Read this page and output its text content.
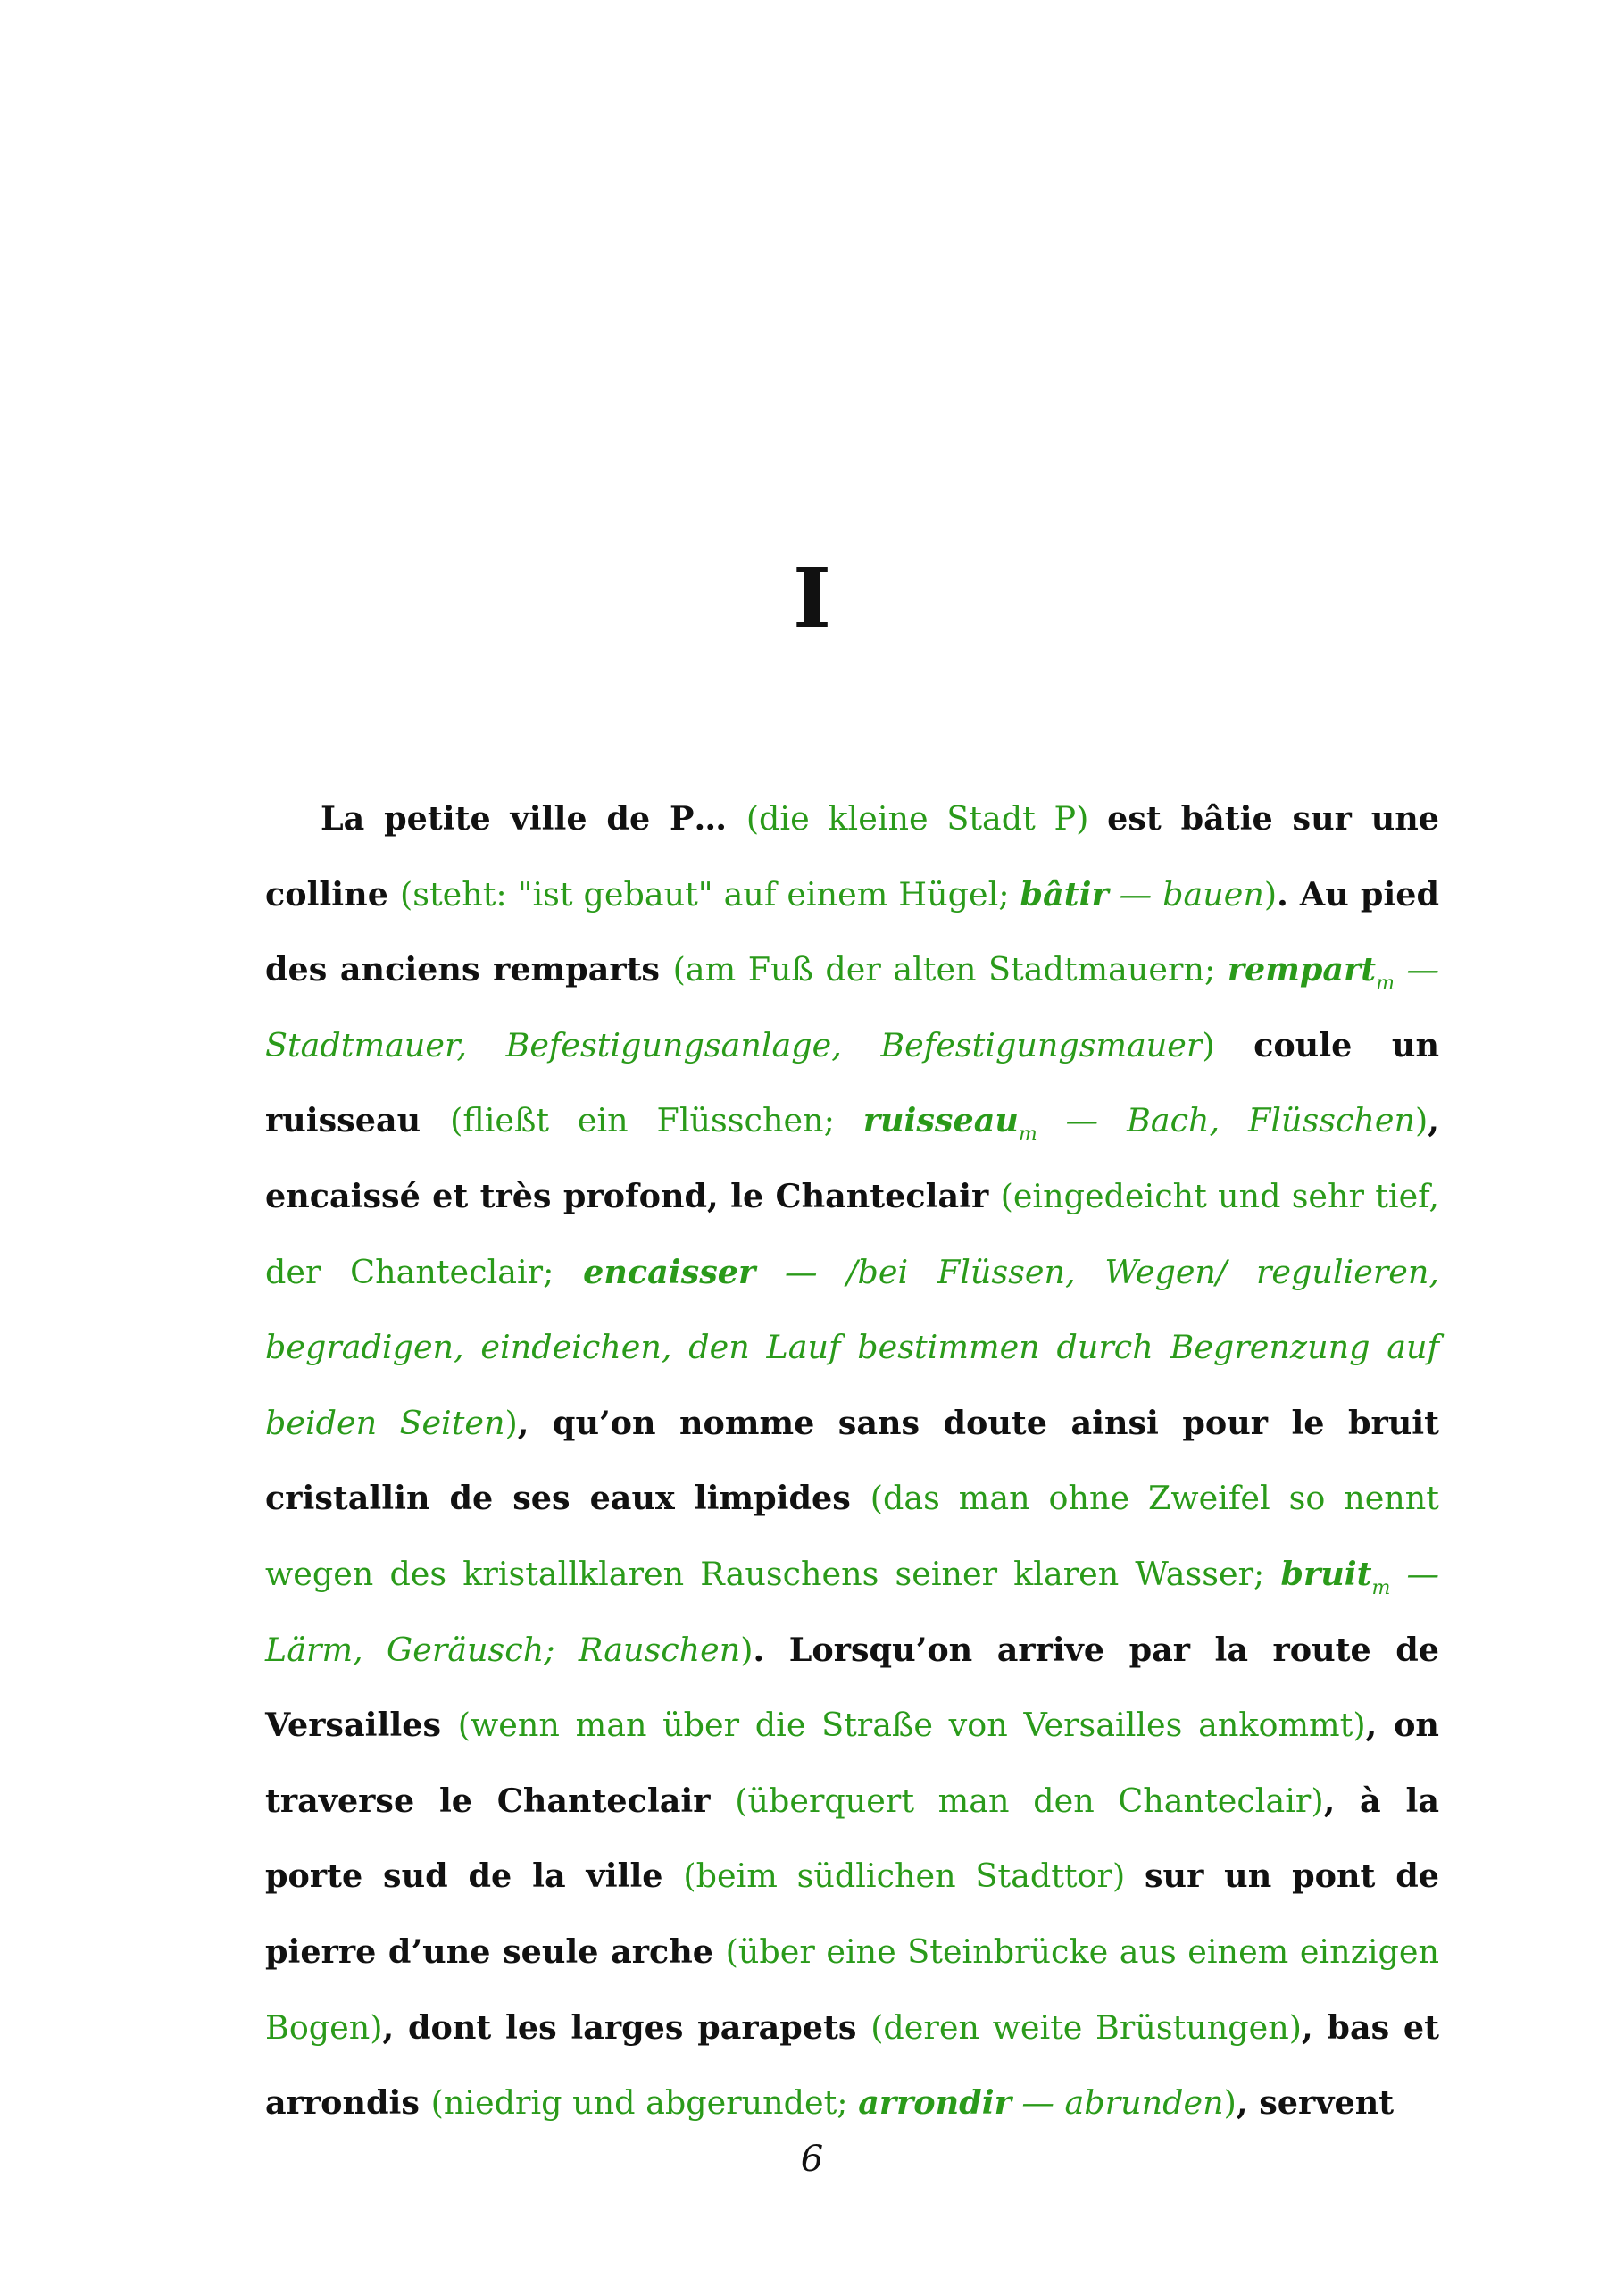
I

La petite ville de P… (die kleine Stadt P) est bâtie sur une colline (steht: "ist gebaut" auf einem Hügel; bâtir — bauen). Au pied des anciens remparts (am Fuß der alten Stadtmauern; rempart$_m$ — Stadtmauer, Befestigungsanlage, Befestigungsmauer) coule un ruisseau (fließt ein Flüsschen; ruisseau$_m$ — Bach, Flüsschen), encaissé et très profond, le Chanteclair (eingedeicht und sehr tief, der Chanteclair; encaisser — /bei Flüssen, Wegen/ regulieren, begradigen, eindeichen, den Lauf bestimmen durch Begrenzung auf beiden Seiten), qu’on nomme sans doute ainsi pour le bruit cristallin de ses eaux limpides (das man ohne Zweifel so nennt wegen des kristallklaren Rauschens seiner klaren Wasser; bruit$_m$ — Lärm, Geräusch; Rauschen). Lorsqu’on arrive par la route de Versailles (wenn man über die Straße von Versailles ankommt), on traverse le Chanteclair (überquert man den Chanteclair), à la porte sud de la ville (beim südlichen Stadttor) sur un pont de pierre d’une seule arche (über eine Steinbrücke aus einem einzigen Bogen), dont les larges parapets (deren weite Brüstungen), bas et arrondis (niedrig und abgerundet; arrondir — abrunden), servent

6
